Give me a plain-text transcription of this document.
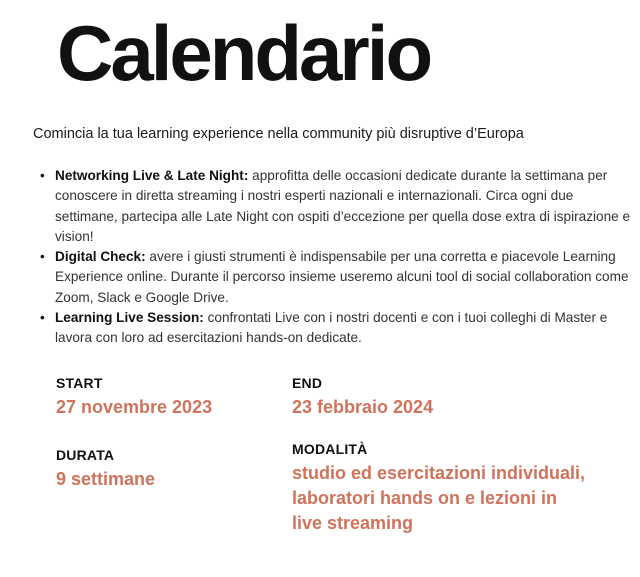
Calendario

Comincia la tua learning experience nella community più disruptive d’Europa

• Networking Live & Late Night: approfitta delle occasioni dedicate durante la settimana per conoscere in diretta streaming i nostri esperti nazionali e internazionali. Circa ogni due settimane, partecipa alle Late Night con ospiti d’eccezione per quella dose extra di ispirazione e vision!
• Digital Check: avere i giusti strumenti è indispensabile per una corretta e piacevole Learning Experience online. Durante il percorso insieme useremo alcuni tool di social collaboration come Zoom, Slack e Google Drive.
• Learning Live Session: confrontati Live con i nostri docenti e con i tuoi colleghi di Master e lavora con loro ad esercitazioni hands-on dedicate.
START
27 novembre 2023
END
23 febbraio 2024
DURATA
9 settimane
MODALITÀ
studio ed esercitazioni individuali, laboratori hands on e lezioni in live streaming
